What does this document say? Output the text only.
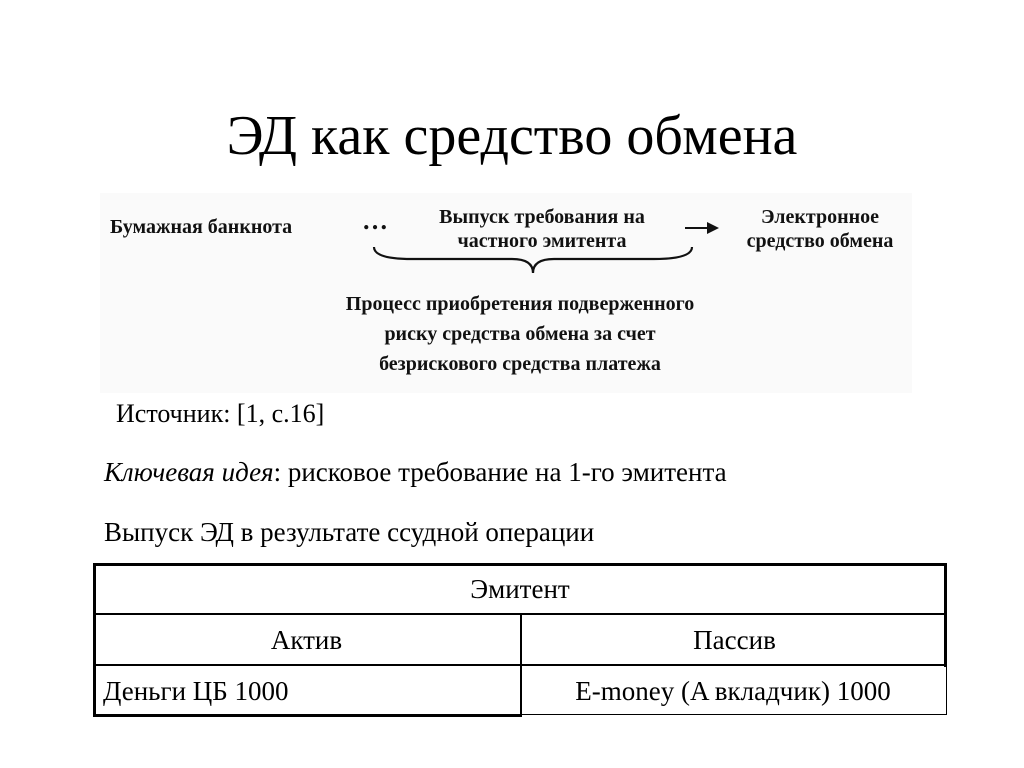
ЭД как средство обмена
Бумажная банкнота	…	Выпуск требования на
частного эмитента
Электронное
средство обмена
Процесс приобретения подверженного
риску средства обмена за счет
безрискового средства платежа
Источник: [1, с.16]
Ключевая идея: рисковое требование на 1-го эмитента
Выпуск ЭД в результате ссудной операции
Эмитент
Актив	Пассив
Деньги ЦБ 1000	E-money (A вкладчик) 1000
